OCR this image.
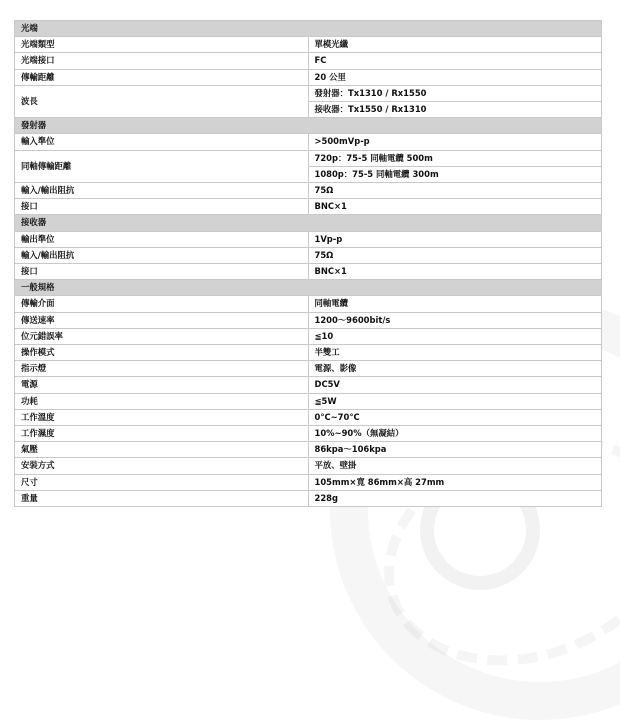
光端	
光端類型	單模光纖
光端接口	FC
傳輸距離	20 公里
波長	發射器：Tx1310 / Rx1550
	接收器：Tx1550 / Rx1310
發射器	
輸入準位	>500mVp-p
同軸傳輸距離	720p：75-5 同軸電纜 500m
	1080p：75-5 同軸電纜 300m
輸入/輸出阻抗	75Ω
接口	BNC×1
接收器	
輸出準位	1Vp-p
輸入/輸出阻抗	75Ω
接口	BNC×1
一般規格	
傳輸介面	同軸電纜
傳送速率	1200～9600bit/s
位元錯誤率	≦10
操作模式	半雙工
指示燈	電源、影像
電源	DC5V
功耗	≦5W
工作溫度	0°C~70°C
工作濕度	10%~90%（無凝結）
氣壓	86kpa～106kpa
安裝方式	平放、壁掛
尺寸	105mm×寬 86mm×高 27mm
重量	228g
